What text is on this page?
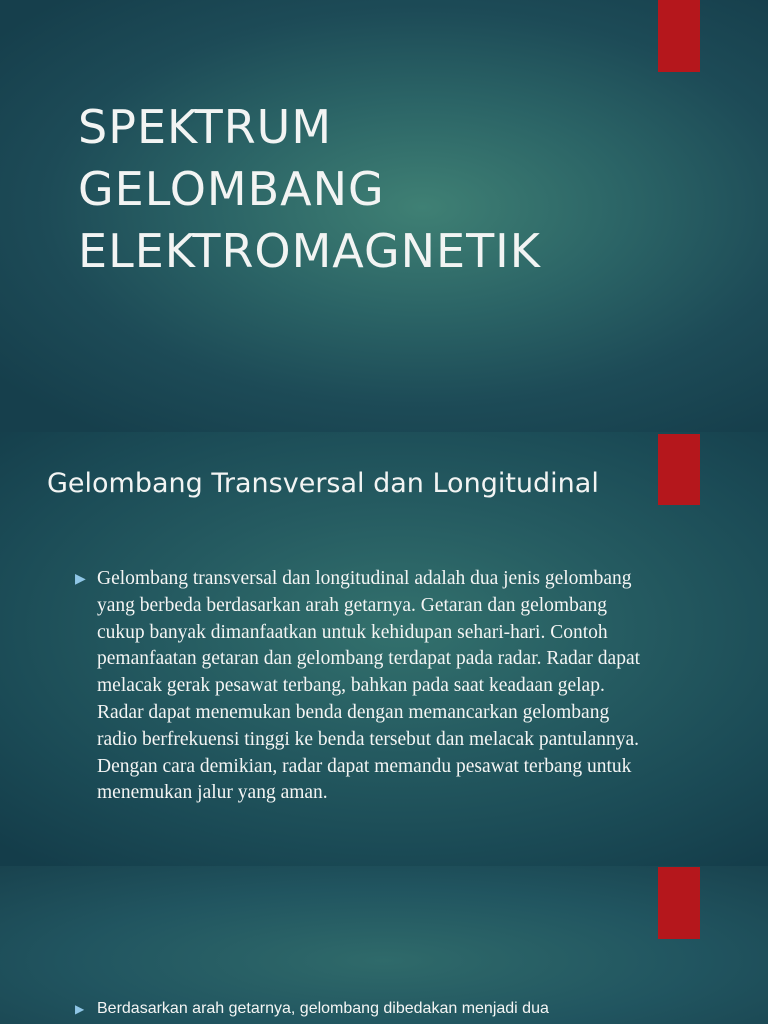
SPEKTRUM
GELOMBANG
ELEKTROMAGNETIK
Gelombang Transversal dan Longitudinal
▶ Gelombang transversal dan longitudinal adalah dua jenis gelombang yang berbeda berdasarkan arah getarnya. Getaran dan gelombang cukup banyak dimanfaatkan untuk kehidupan sehari-hari. Contoh pemanfaatan getaran dan gelombang terdapat pada radar. Radar dapat melacak gerak pesawat terbang, bahkan pada saat keadaan gelap. Radar dapat menemukan benda dengan memancarkan gelombang radio berfrekuensi tinggi ke benda tersebut dan melacak pantulannya. Dengan cara demikian, radar dapat memandu pesawat terbang untuk menemukan jalur yang aman.

▶ Berdasarkan arah getarnya, gelombang dibedakan menjadi dua
